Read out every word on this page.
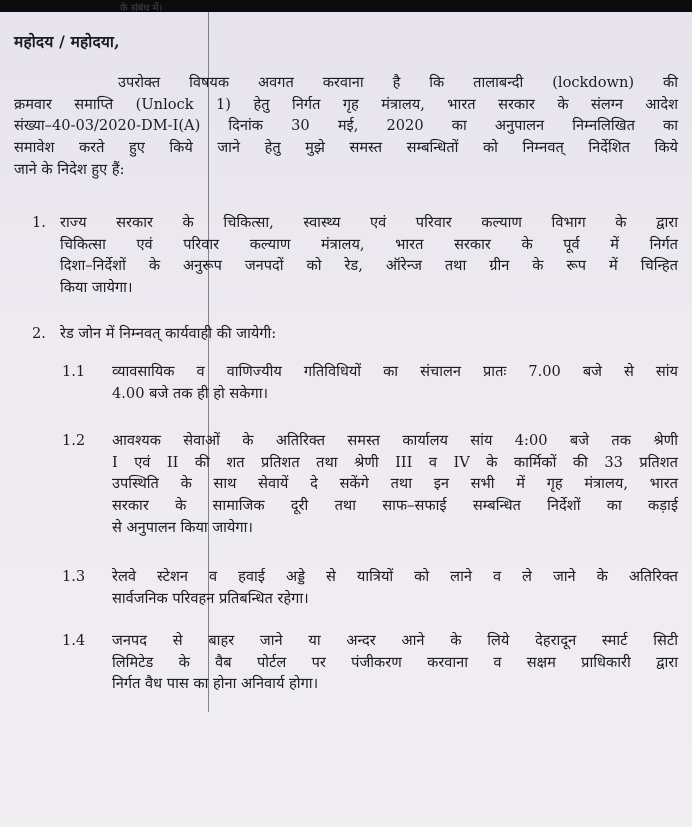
महोदय / महोदया,

उपरोक्त विषयक अवगत करवाना है कि तालाबन्दी (lockdown) की
क्रमवार समाप्ति (Unlock 1) हेतु निर्गत गृह मंत्रालय, भारत सरकार के संलग्न आदेश
संख्या–40-03/2020-DM-I(A) दिनांक 30 मई, 2020 का अनुपालन निम्नलिखित का
समावेश करते हुए किये जाने हेतु मुझे समस्त सम्बन्धितों को निम्नवत् निर्देशित किये
जाने के निदेश हुए हैं:

1. राज्य सरकार के चिकित्सा, स्वास्थ्य एवं परिवार कल्याण विभाग के द्वारा
चिकित्सा एवं परिवार कल्याण मंत्रालय, भारत सरकार के पूर्व में निर्गत
दिशा–निर्देशों के अनुरूप जनपदों को रेड, ऑरेन्ज तथा ग्रीन के रूप में चिन्हित
किया जायेगा।

2. रेड जोन में निम्नवत् कार्यवाही की जायेगी:

1.1 व्यावसायिक व वाणिज्यीय गतिविधियों का संचालन प्रातः 7.00 बजे से सांय
4.00 बजे तक ही हो सकेगा।

1.2 आवश्यक सेवाओं के अतिरिक्त समस्त कार्यालय सांय 4:00 बजे तक श्रेणी
I एवं II की शत प्रतिशत तथा श्रेणी III व IV के कार्मिकों की 33 प्रतिशत
उपस्थिति के साथ सेवायें दे सकेंगे तथा इन सभी में गृह मंत्रालय, भारत
सरकार के सामाजिक दूरी तथा साफ–सफाई सम्बन्धित निर्देशों का कड़ाई
से अनुपालन किया जायेगा।

1.3 रेलवे स्टेशन व हवाई अड्डे से यात्रियों को लाने व ले जाने के अतिरिक्त
सार्वजनिक परिवहन प्रतिबन्धित रहेगा।

1.4 जनपद से बाहर जाने या अन्दर आने के लिये देहरादून स्मार्ट सिटी
लिमिटेड के वैब पोर्टल पर पंजीकरण करवाना व सक्षम प्राधिकारी द्वारा
निर्गत वैध पास का होना अनिवार्य होगा।
